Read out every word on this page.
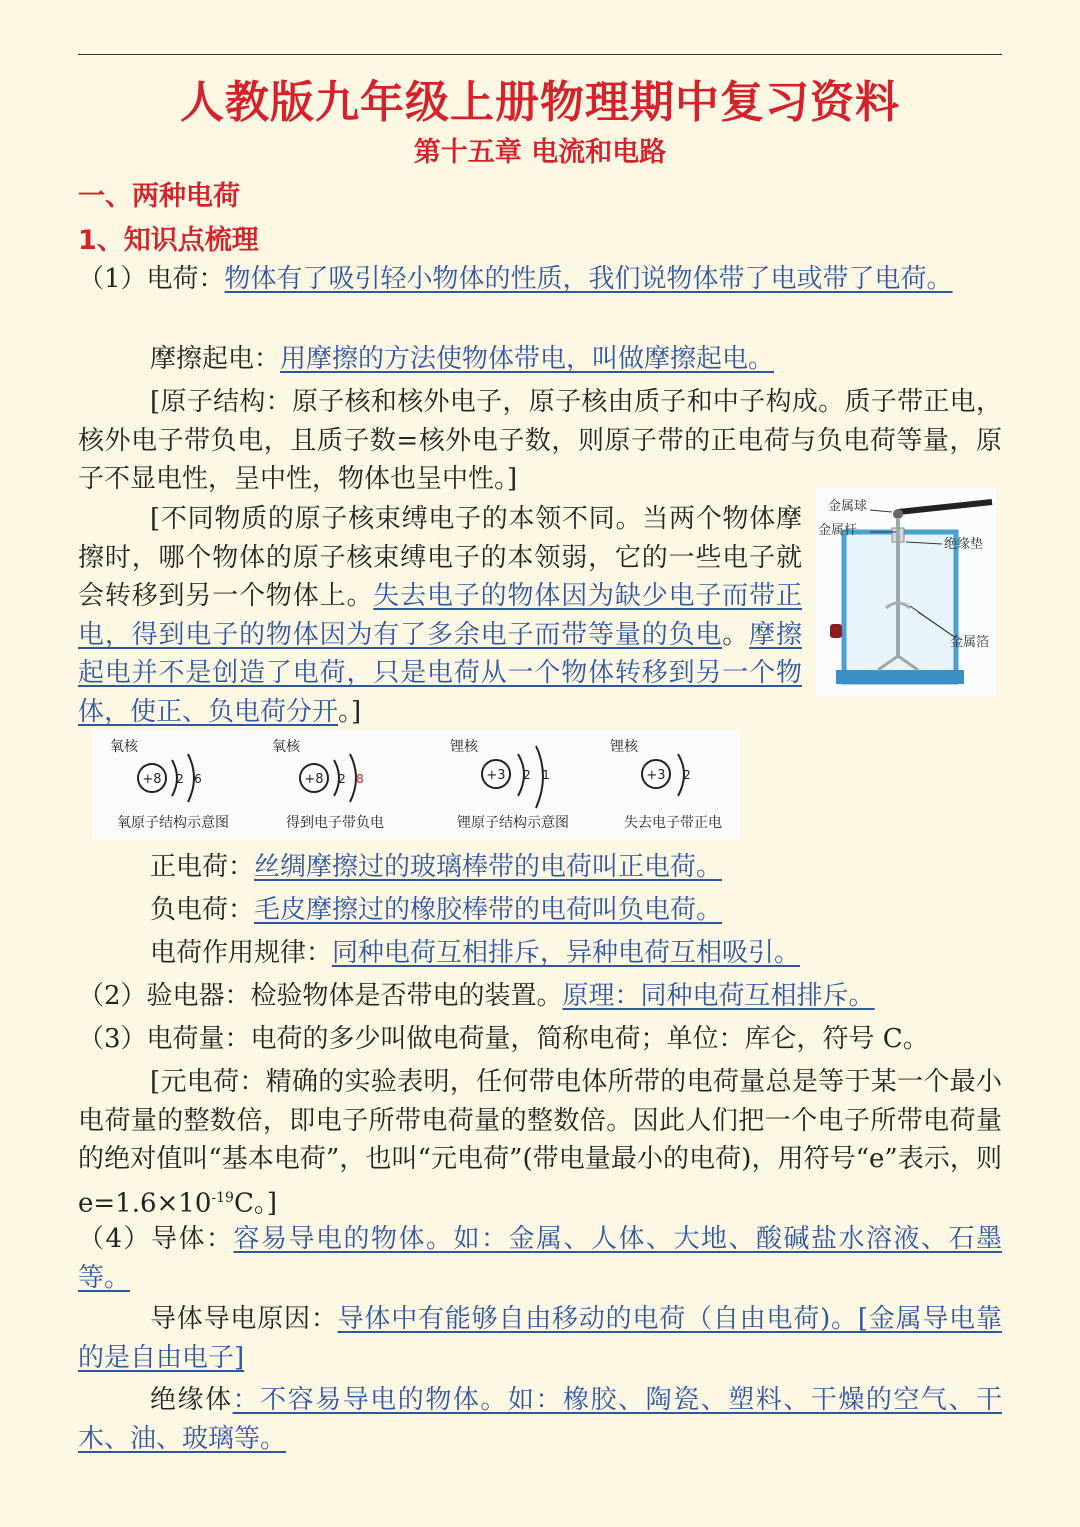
人教版九年级上册物理期中复习资料
第十五章 电流和电路
一、两种电荷
1、知识点梳理

（1）电荷：物体有了吸引轻小物体的性质，我们说物体带了电或带了电荷。

摩擦起电：用摩擦的方法使物体带电，叫做摩擦起电。

[原子结构：原子核和核外电子，原子核由质子和中子构成。质子带正电，核外电子带负电，且质子数=核外电子数，则原子带的正电荷与负电荷等量，原子不显电性，呈中性，物体也呈中性。]

[不同物质的原子核束缚电子的本领不同。当两个物体摩擦时，哪个物体的原子核束缚电子的本领弱，它的一些电子就会转移到另一个物体上。失去电子的物体因为缺少电子而带正电，得到电子的物体因为有了多余电子而带等量的负电。摩擦起电并不是创造了电荷，只是电荷从一个物体转移到另一个物体，使正、负电荷分开。]

金属球
金属杆
绝缘垫
金属箔
氧核
+8 2 6
氧原子结构示意图
氧核
+8 2 8
得到电子带负电
锂核
+3 2 1
锂原子结构示意图
锂核
+3 2
失去电子带正电

正电荷：丝绸摩擦过的玻璃棒带的电荷叫正电荷。

负电荷：毛皮摩擦过的橡胶棒带的电荷叫负电荷。

电荷作用规律：同种电荷互相排斥，异种电荷互相吸引。

（2）验电器：检验物体是否带电的装置。原理：同种电荷互相排斥。

（3）电荷量：电荷的多少叫做电荷量，简称电荷；单位：库仑，符号 C。

[元电荷：精确的实验表明，任何带电体所带的电荷量总是等于某一个最小电荷量的整数倍，即电子所带电荷量的整数倍。因此人们把一个电子所带电荷量的绝对值叫“基本电荷”，也叫“元电荷”(带电量最小的电荷)，用符号“e”表示，则 $e=1.6\times 10^{-19}C$。]

（4）导体：容易导电的物体。如：金属、人体、大地、酸碱盐水溶液、石墨等。

导体导电原因：导体中有能够自由移动的电荷（自由电荷)。[金属导电靠的是自由电子]

绝缘体：不容易导电的物体。如：橡胶、陶瓷、塑料、干燥的空气、干木、油、玻璃等。
